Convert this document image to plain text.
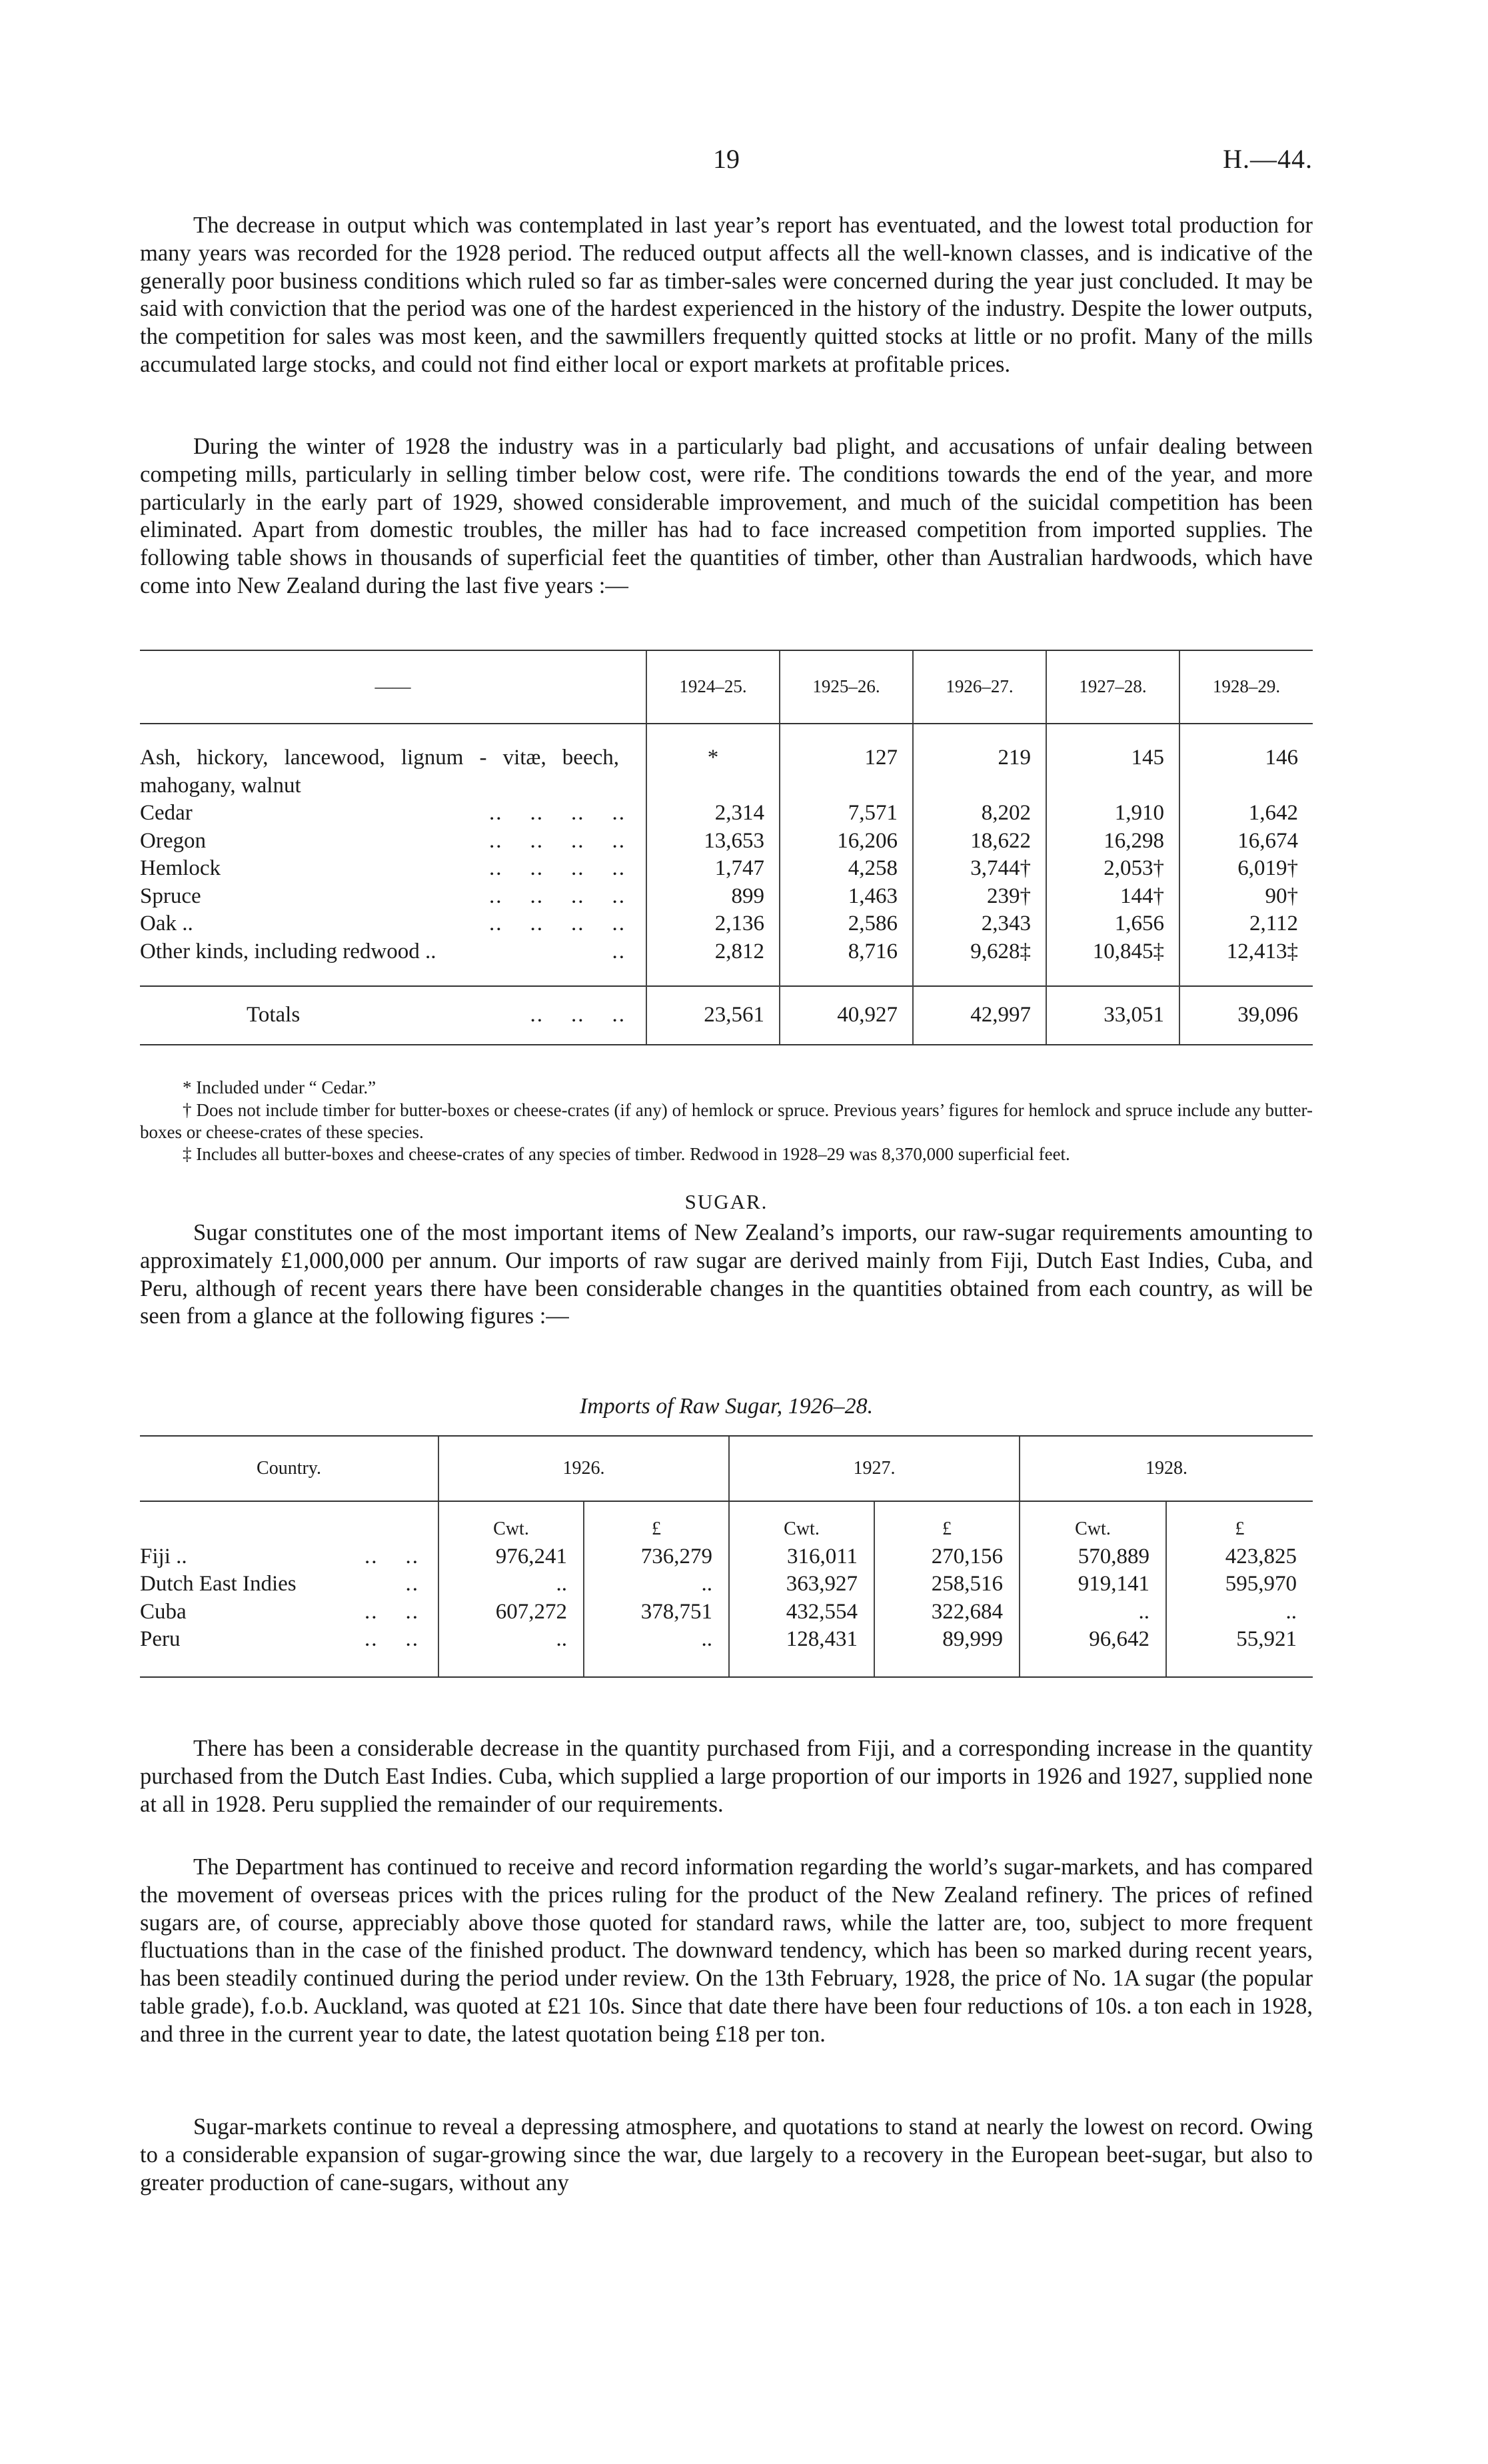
19	H.—44.

The decrease in output which was contemplated in last year’s report has eventuated, and the lowest total production for many years was recorded for the 1928 period. The reduced output affects all the well-known classes, and is indicative of the generally poor business conditions which ruled so far as timber-sales were concerned during the year just concluded. It may be said with conviction that the period was one of the hardest experienced in the history of the industry. Despite the lower outputs, the competition for sales was most keen, and the sawmillers frequently quitted stocks at little or no profit. Many of the mills accumulated large stocks, and could not find either local or export markets at profitable prices.

During the winter of 1928 the industry was in a particularly bad plight, and accusations of unfair dealing between competing mills, particularly in selling timber below cost, were rife. The conditions towards the end of the year, and more particularly in the early part of 1929, showed considerable improvement, and much of the suicidal competition has been eliminated. Apart from domestic troubles, the miller has had to face increased competition from imported supplies. The following table shows in thousands of superficial feet the quantities of timber, other than Australian hardwoods, which have come into New Zealand during the last five years :—

——	1924–25.	1925–26.	1926–27.	1927–28.	1928–29.

Ash, hickory, lancewood, lignum - vitæ, beech, mahogany, walnut	*	127	219	145	146
Cedar ..    ..    ..    ..	2,314	7,571	8,202	1,910	1,642
Oregon ..    ..    ..    ..	13,653	16,206	18,622	16,298	16,674
Hemlock ..    ..    ..    ..	1,747	4,258	3,744†	2,053†	6,019†
Spruce ..    ..    ..    ..	899	1,463	239†	144†	90†
Oak .. ..    ..    ..    ..	2,136	2,586	2,343	1,656	2,112
Other kinds, including redwood .. ..	2,812	8,716	9,628‡	10,845‡	12,413‡

Totals ..    ..    ..	23,561	40,927	42,997	33,051	39,096

* Included under “ Cedar.”

† Does not include timber for butter-boxes or cheese-crates (if any) of hemlock or spruce. Previous years’ figures for hemlock and spruce include any butter-boxes or cheese-crates of these species.

‡ Includes all butter-boxes and cheese-crates of any species of timber. Redwood in 1928–29 was 8,370,000 superficial feet.

SUGAR.

Sugar constitutes one of the most important items of New Zealand’s imports, our raw-sugar requirements amounting to approximately £1,000,000 per annum. Our imports of raw sugar are derived mainly from Fiji, Dutch East Indies, Cuba, and Peru, although of recent years there have been considerable changes in the quantities obtained from each country, as will be seen from a glance at the following figures :—

Imports of Raw Sugar, 1926–28.
Country.	1926.		1927.		1928.	
	Cwt.	£	Cwt.	£	Cwt.	£
Fiji .. ..    ..	976,241	736,279	316,011	270,156	570,889	423,825
Dutch East Indies ..	..	..	363,927	258,516	919,141	595,970
Cuba ..    ..	607,272	378,751	432,554	322,684	..	..
Peru ..    ..	..	..	128,431	89,999	96,642	55,921

There has been a considerable decrease in the quantity purchased from Fiji, and a corresponding increase in the quantity purchased from the Dutch East Indies. Cuba, which supplied a large proportion of our imports in 1926 and 1927, supplied none at all in 1928. Peru supplied the remainder of our requirements.

The Department has continued to receive and record information regarding the world’s sugar-markets, and has compared the movement of overseas prices with the prices ruling for the product of the New Zealand refinery. The prices of refined sugars are, of course, appreciably above those quoted for standard raws, while the latter are, too, subject to more frequent fluctuations than in the case of the finished product. The downward tendency, which has been so marked during recent years, has been steadily continued during the period under review. On the 13th February, 1928, the price of No. 1A sugar (the popular table grade), f.o.b. Auckland, was quoted at £21 10s. Since that date there have been four reductions of 10s. a ton each in 1928, and three in the current year to date, the latest quotation being £18 per ton.

Sugar-markets continue to reveal a depressing atmosphere, and quotations to stand at nearly the lowest on record. Owing to a considerable expansion of sugar-growing since the war, due largely to a recovery in the European beet-sugar, but also to greater production of cane-sugars, without any
